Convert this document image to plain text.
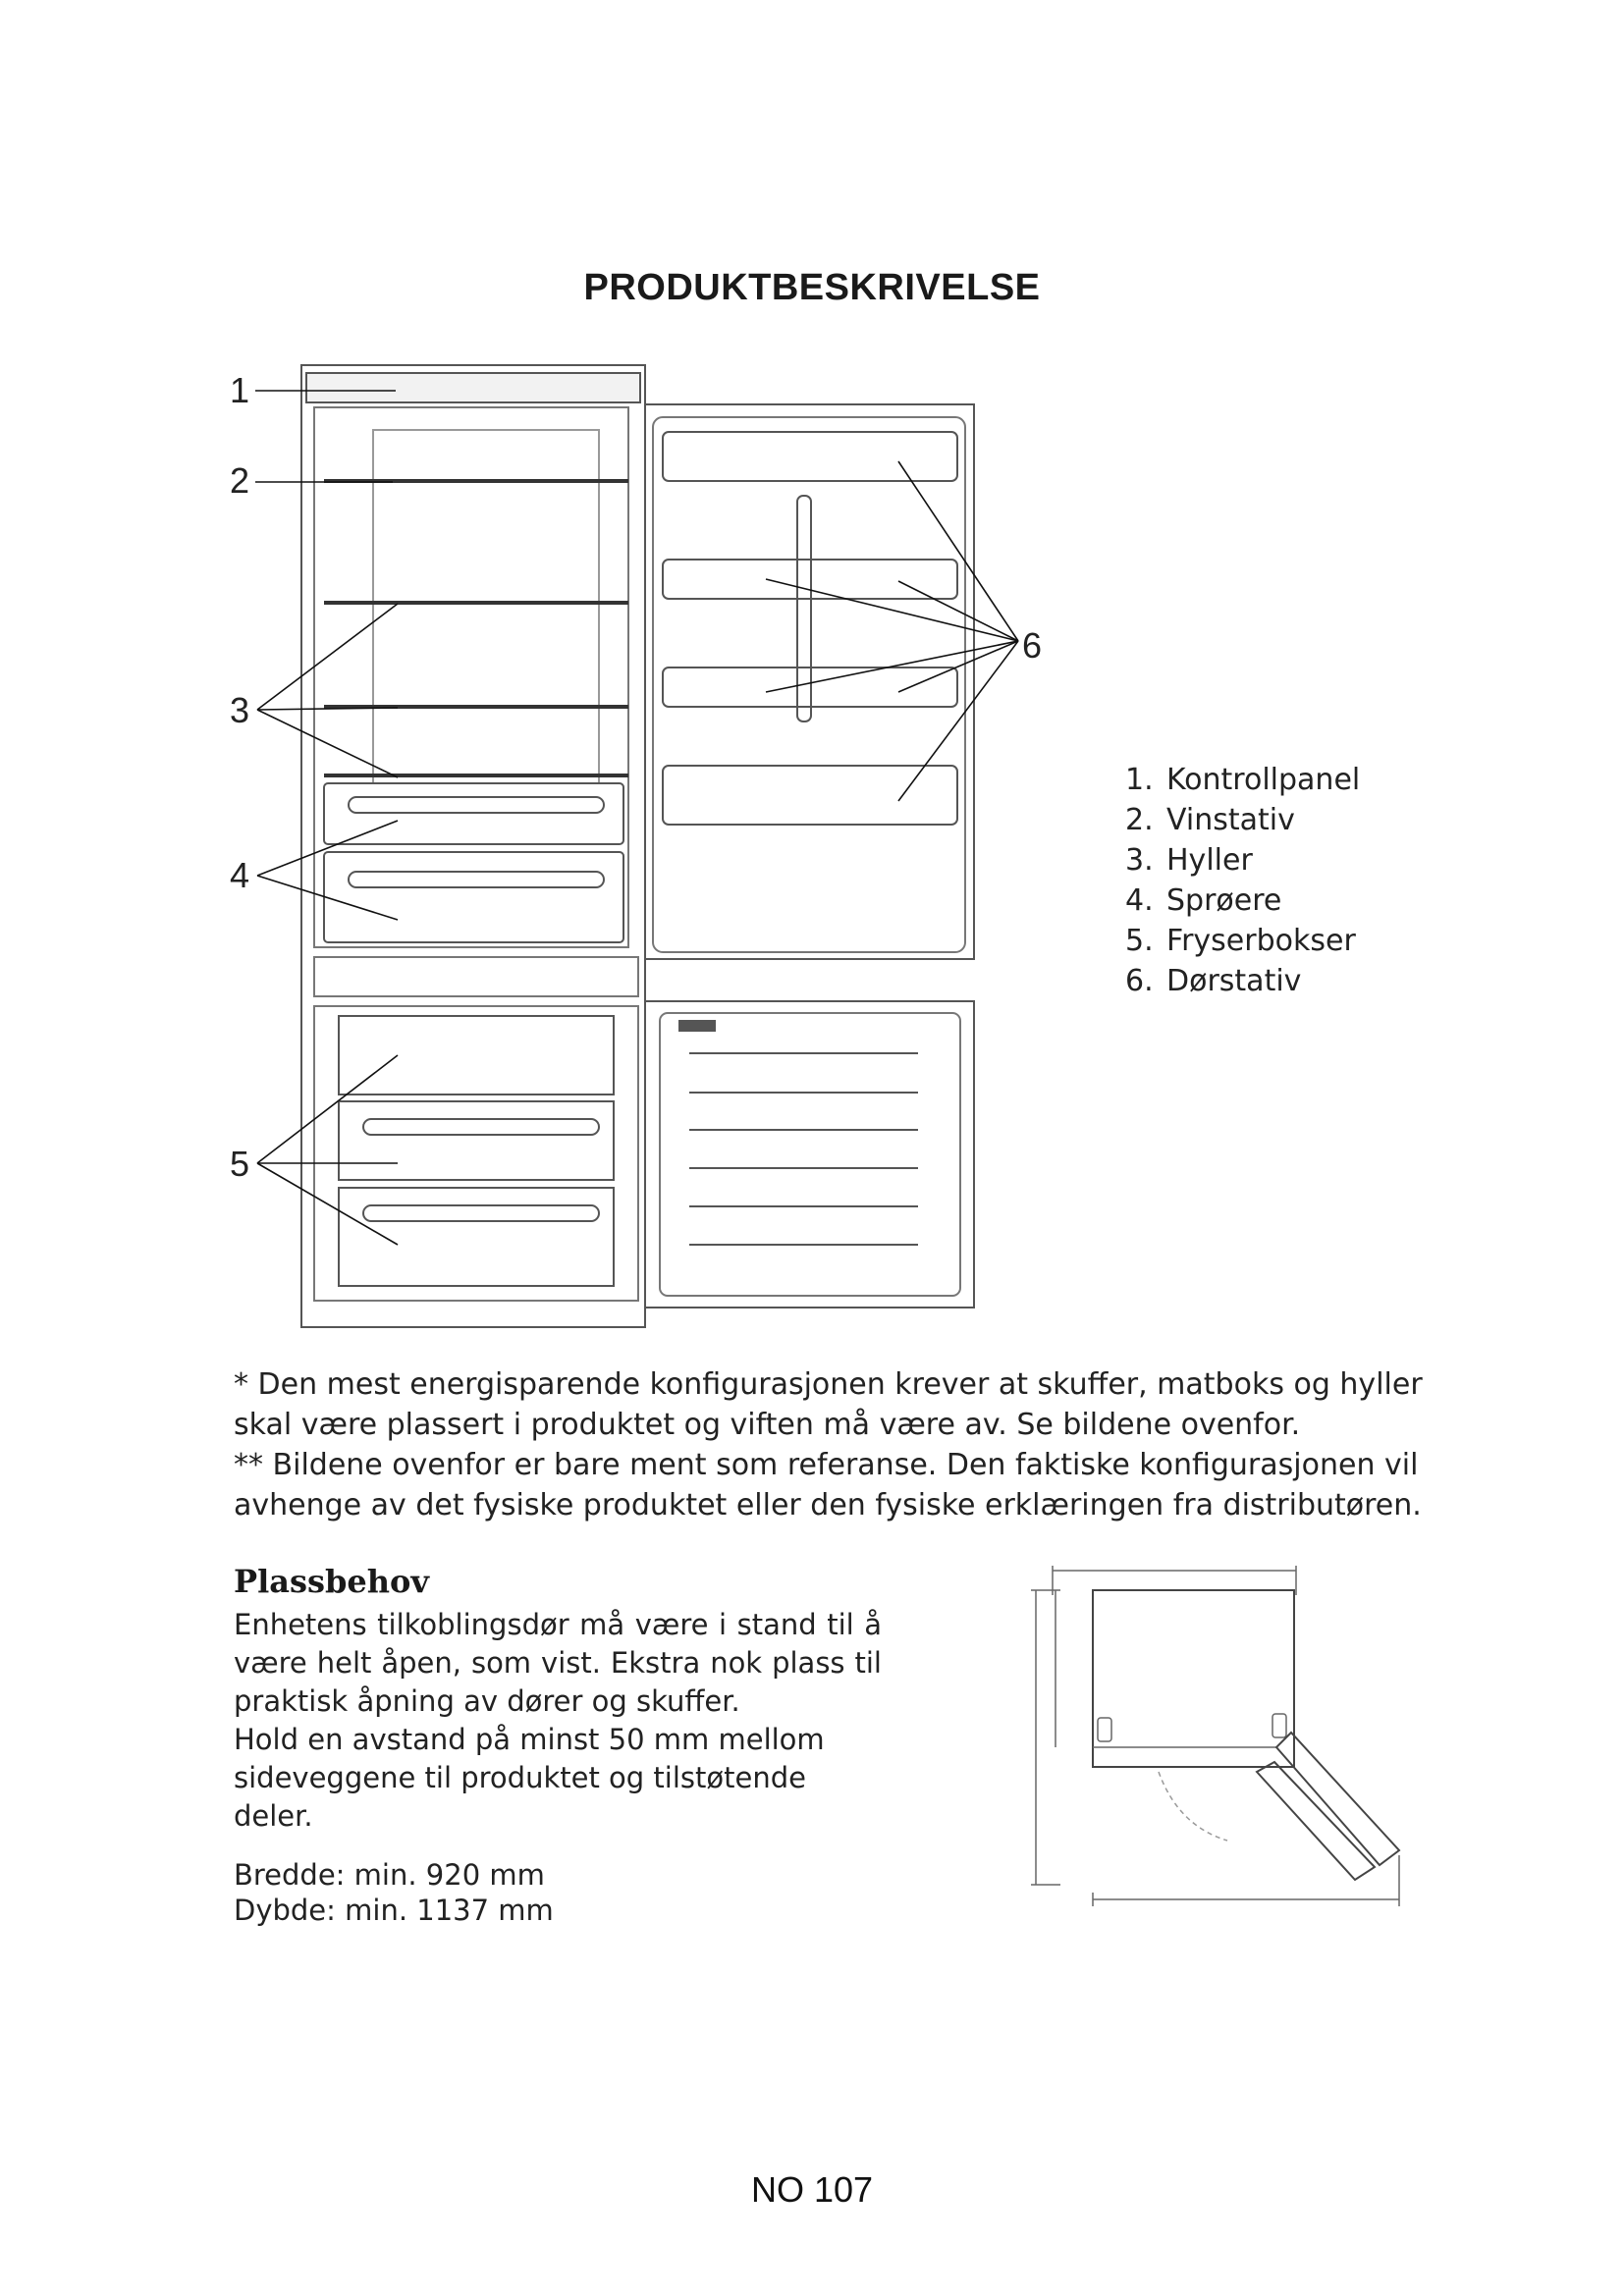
PRODUKTBESKRIVELSE
1
2
3
4
5
6
1. Kontrollpanel
2. Vinstativ
3. Hyller
4. Sprøere
5. Fryserbokser
6. Dørstativ

* Den mest energisparende konfigurasjonen krever at skuffer, matboks og hyller skal være plassert i produktet og viften må være av. Se bildene ovenfor.

** Bildene ovenfor er bare ment som referanse. Den faktiske konfigurasjonen vil avhenge av det fysiske produktet eller den fysiske erklæringen fra distributøren.

Plassbehov

Enhetens tilkoblingsdør må være i stand til å være helt åpen, som vist. Ekstra nok plass til praktisk åpning av dører og skuffer.

Hold en avstand på minst 50 mm mellom sideveggene til produktet og tilstøtende deler.

Bredde: min. 920 mm
Dybde: min. 1137 mm
NO 107
